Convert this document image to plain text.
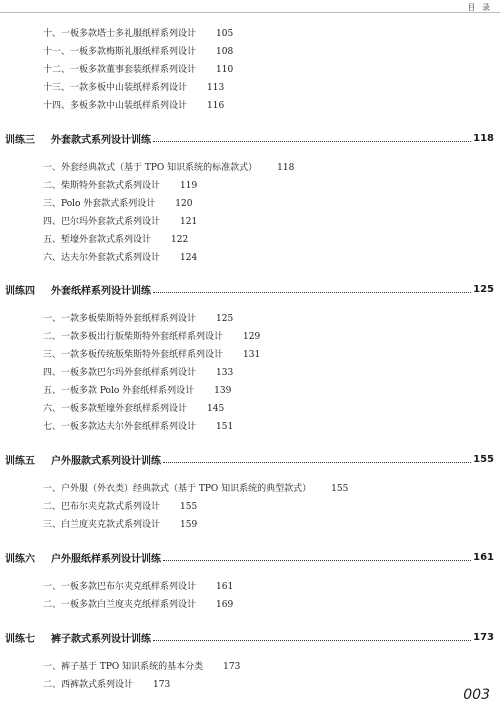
目 录
十、一板多款塔士多礼服纸样系列设计 105
十一、一板多款梅斯礼服纸样系列设计 108
十二、一板多款董事套装纸样系列设计 110
十三、一款多板中山装纸样系列设计 113
十四、多板多款中山装纸样系列设计 116
训练三	外套款式系列设计训练	118
一、外套经典款式（基于 TPO 知识系统的标准款式） 118
二、柴斯特外套款式系列设计 119
三、Polo 外套款式系列设计 120
四、巴尔玛外套款式系列设计 121
五、堑壕外套款式系列设计 122
六、达夫尔外套款式系列设计 124
训练四	外套纸样系列设计训练	125
一、一款多板柴斯特外套纸样系列设计 125
二、一款多板出行版柴斯特外套纸样系列设计 129
三、一款多板传统版柴斯特外套纸样系列设计 131
四、一板多款巴尔玛外套纸样系列设计 133
五、一板多款 Polo 外套纸样系列设计 139
六、一板多款堑壕外套纸样系列设计 145
七、一板多款达夫尔外套纸样系列设计 151
训练五	户外服款式系列设计训练	155
一、户外服（外衣类）经典款式（基于 TPO 知识系统的典型款式） 155
二、巴布尔夹克款式系列设计 155
三、白兰度夹克款式系列设计 159
训练六	户外服纸样系列设计训练	161
一、一板多款巴布尔夹克纸样系列设计 161
二、一板多款白兰度夹克纸样系列设计 169
训练七	裤子款式系列设计训练	173
一、裤子基于 TPO 知识系统的基本分类 173
二、西裤款式系列设计 173
003
